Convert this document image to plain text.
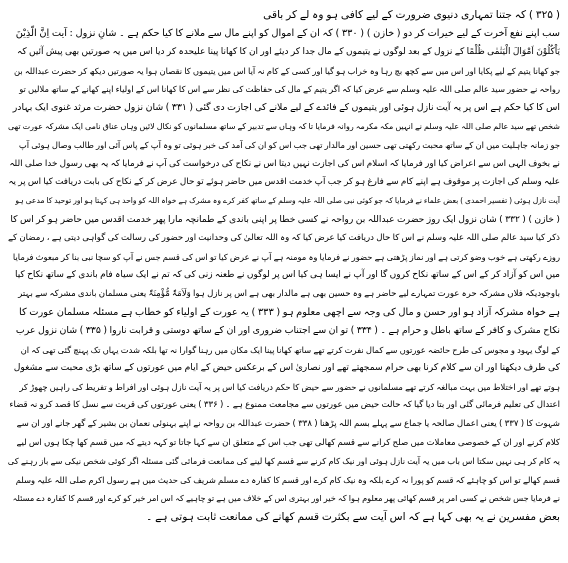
( ۳۲۵ ) کہ جتنا تمہاری دنیوی ضرورت کے لیے کافی ہو وہ لے کر باقی
سب اپنے نفع آخرت کے لیے خیرات کر دو ( خازن ) ( ۳۳۰ ) کہ ان کے اموال کو اپنے مال سے ملانے کا کیا حکم ہے ۔ شانِ نزول : آیت اِنَّ الَّذِیْنَ
یَاْکُلُوْنَ اَمْوَالَ الْیَتٰمٰی ظُلْمًا کے نزول کے بعد لوگوں نے یتیموں کے مال جدا کر دیئے اور ان کا کھانا پینا علیحدہ کر دیا اس میں یہ صورتیں بھی پیش آئیں کہ
جو کھانا یتیم کے لیے پکایا اور اس میں سے کچھ بچ رہا وہ خراب ہو گیا اور کسی کے کام نہ آیا اس میں یتیموں کا نقصان ہوا یہ صورتیں دیکھ کر حضرت عبداللہ بن
رواحہ نے حضور سید عالم صلی اللہ علیہ وسلم سے عرض کیا کہ اگر یتیم کے مال کی حفاظت کی نظر سے اس کا کھانا اس کے اولیاء اپنے کھانے کے ساتھ ملالیں تو
اس کا کیا حکم ہے اس پر یہ آیت نازل ہوئی اور یتیموں کے فائدے کے لیے ملانے کی اجازت دی گئی ( ۳۳۱ ) شان نزول حضرت مرثد غنوی ایک بہادر
شخص تھے سید عالم صلی اللہ علیہ وسلم نے انہیں مکہ مکرمہ روانہ فرمایا تا کہ وہاں سے تدبیر کے ساتھ مسلمانوں کو نکال لائیں وہاں عناق نامی ایک مشرکہ عورت تھی
جو زمانہ جاہلیت میں ان کے ساتھ محبت رکھتی تھی حسین اور مالدار تھی جب اس کو ان کی آمد کی خبر ہوئی تو وہ آپ کے پاس آئی اور طالب وصال ہوئی آپ
نے بخوف الہی اس سے اعراض کیا اور فرمایا کہ اسلام اس کی اجازت نہیں دیتا اس نے نکاح کی درخواست کی آپ نے فرمایا کہ یہ بھی رسول خدا صلی اللہ
علیہ وسلم کی اجازت پر موقوف ہے اپنے کام سے فارغ ہو کر جب آپ خدمت اقدس میں حاضر ہوئے تو حال عرض کر کے نکاح کی بابت دریافت کیا اس پر یہ
آیت نازل ہوئی ( تفسیر احمدی ) بعض علماء نے فرمایا کہ جو کوئی نبی صلی اللہ علیہ وسلم کے ساتھ کفر کرے وہ مشرک ہے خواہ اللہ کو واحد ہی کہتا ہو اور توحید کا مدعی ہو
( خازن ) ( ۳۳۲ ) شان نزول ایک روز حضرت عبداللہ بن رواحہ نے کسی خطا پر اپنی باندی کے طمانچہ مارا پھر خدمت اقدس میں حاضر ہو کر اس کا
ذکر کیا سید عالم صلی اللہ علیہ وسلم نے اس کا حال دریافت کیا عرض کیا کہ وہ اللہ تعالیٰ کی وحدانیت اور حضور کی رسالت کی گواہی دیتی ہے ، رمضان کے
روزے رکھتی ہے خوب وضو کرتی ہے اور نماز پڑھتی ہے حضور نے فرمایا وہ مومنہ ہے آپ نے عرض کیا تو اس کی قسم جس نے آپ کو سچا نبی بنا کر مبعوث فرمایا
میں اس کو آزاد کر کے اس کے ساتھ نکاح کروں گا اور آپ نے ایسا ہی کیا اس پر لوگوں نے طعنہ زنی کی کہ تم نے ایک سیاہ فام باندی کے ساتھ نکاح کیا
باوجودیکہ فلاں مشرکہ حرہ عورت تمہارے لیے حاضر ہے وہ حسین بھی ہے مالدار بھی ہے اس پر نازل ہوا وَلَاَمَۃٌ مُّؤْمِنَۃٌ یعنی مسلمان باندی مشرکہ سے بہتر
ہے خواہ مشرکہ آزاد ہو اور حسن و مال کی وجہ سے اچھی معلوم ہو ( ۳۳۳ ) یہ عورت کے اولیاء کو خطاب ہے مسئلہ مسلمان عورت کا
نکاح مشرک و کافر کے ساتھ باطل و حرام ہے ۔ ( ۳۳۴ ) تو ان سے اجتناب ضروری اور ان کے ساتھ دوستی و قرابت ناروا ( ۳۳۵ ) شان نزول عرب
کے لوگ یہود و مجوس کی طرح حائضہ عورتوں سے کمال نفرت کرتے تھے ساتھ کھانا پینا ایک مکان میں رہنا گوارا نہ تھا بلکہ شدت یہاں تک پہنچ گئی تھی کہ ان
کی طرف دیکھنا اور ان سے کلام کرنا بھی حرام سمجھتے تھے اور نصاریٰ اس کے برعکس حیض کے ایام میں عورتوں کے ساتھ بڑی محبت سے مشغول
ہوتے تھے اور اختلاط میں بہت مبالغہ کرتے تھے مسلمانوں نے حضور سے حیض کا حکم دریافت کیا اس پر یہ آیت نازل ہوئی اور افراط و تفریط کی راہیں چھوڑ کر
اعتدال کی تعلیم فرمائی گئی اور بتا دیا گیا کہ حالت حیض میں عورتوں سے مجامعت ممنوع ہے ۔ ( ۳۳۶ ) یعنی عورتوں کی قربت سے نسل کا قصد کرو نہ قضاء
شہوت کا ( ۳۳۷ ) یعنی اعمال صالحہ یا جماع سے پہلے بسم اللہ پڑھنا ( ۳۳۸ ) حضرت عبداللہ بن رواحہ نے اپنے بہنوئی نعمان بن بشیر کے گھر جانے اور ان سے
کلام کرنے اور ان کے خصوصی معاملات میں صلح کرانے سے قسم کھالی تھی جب اس کے متعلق ان سے کہا جاتا تو کہہ دیتے کہ میں قسم کھا چکا ہوں اس لیے
یہ کام کر ہی نہیں سکتا اس باب میں یہ آیت نازل ہوئی اور نیک کام کرنے سے قسم کھا لینے کی ممانعت فرمائی گئی مسئلہ اگر کوئی شخص نیکی سے باز رہنے کی
قسم کھالے تو اس کو چاہئے کہ قسم کو پورا نہ کرے بلکہ وہ نیک کام کرے اور قسم کا کفارہ دے مسلم شریف کی حدیث میں ہے رسول اکرم صلی اللہ علیہ وسلم
نے فرمایا جس شخص نے کسی امر پر قسم کھائی پھر معلوم ہوا کہ خیر اور بہتری اس کے خلاف میں ہے تو چاہیے کہ اس امر خیر کو کرے اور قسم کا کفارہ دے مسئلہ
بعض مفسرین نے یہ بھی کہا ہے کہ اس آیت سے بکثرت قسم کھانے کی ممانعت ثابت ہوتی ہے ۔
